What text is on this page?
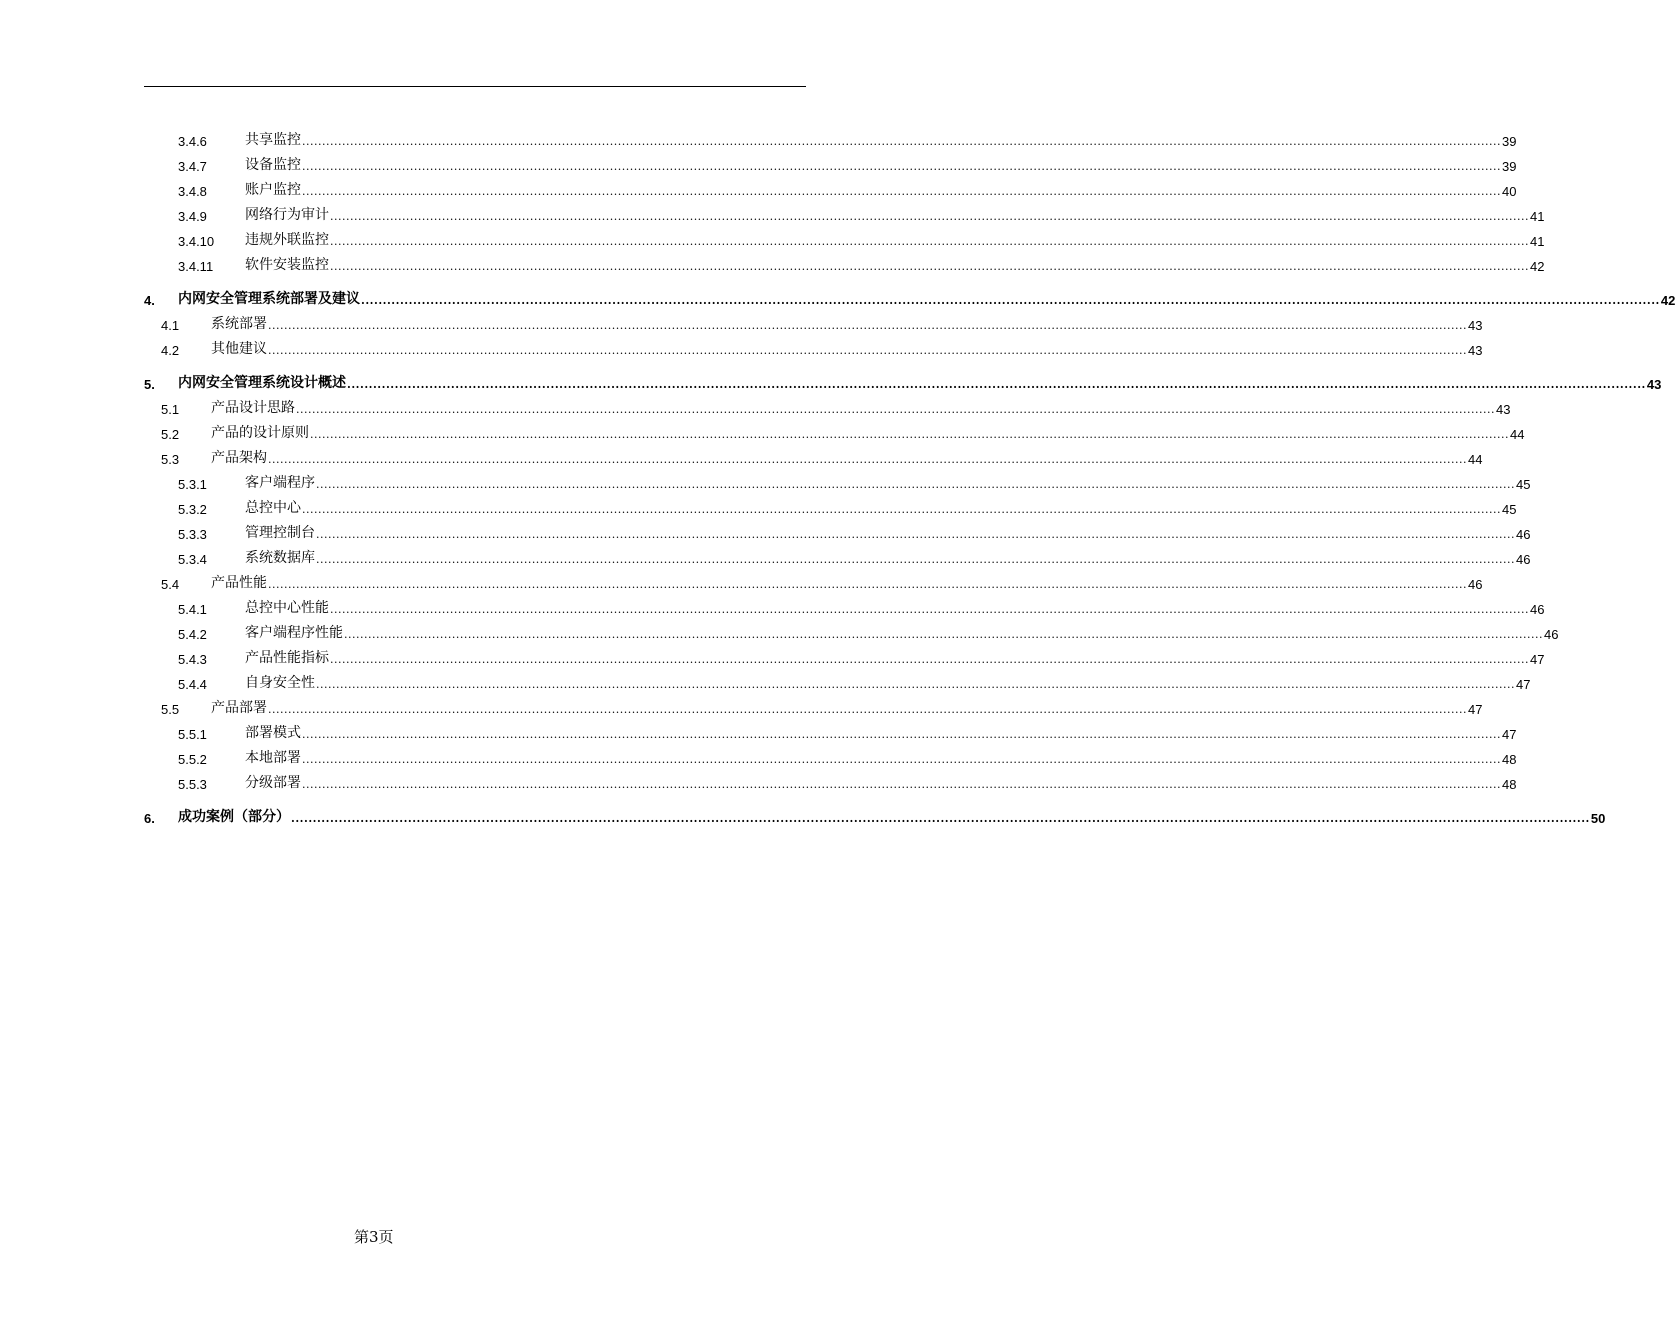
3.4.6	共享监控 ............................................................................................................................................................................................................................................................................................................ 39
3.4.7	设备监控 ............................................................................................................................................................................................................................................................................................................ 39
3.4.8	账户监控 ............................................................................................................................................................................................................................................................................................................ 40
3.4.9	网络行为审计 ............................................................................................................................................................................................................................................................................................................ 41
3.4.10	违规外联监控 ............................................................................................................................................................................................................................................................................................................ 41
3.4.11	软件安装监控 ............................................................................................................................................................................................................................................................................................................ 42
4.	内网安全管理系统部署及建议 ............................................................................................................................................................................................................................................................................................................ 42
4.1	系统部署 ............................................................................................................................................................................................................................................................................................................ 43
4.2	其他建议 ............................................................................................................................................................................................................................................................................................................ 43
5.	内网安全管理系统设计概述 ............................................................................................................................................................................................................................................................................................................ 43
5.1	产品设计思路 ............................................................................................................................................................................................................................................................................................................ 43
5.2	产品的设计原则 ............................................................................................................................................................................................................................................................................................................ 44
5.3	产品架构 ............................................................................................................................................................................................................................................................................................................ 44
5.3.1	客户端程序 ............................................................................................................................................................................................................................................................................................................ 45
5.3.2	总控中心 ............................................................................................................................................................................................................................................................................................................ 45
5.3.3	管理控制台 ............................................................................................................................................................................................................................................................................................................ 46
5.3.4	系统数据库 ............................................................................................................................................................................................................................................................................................................ 46
5.4	产品性能 ............................................................................................................................................................................................................................................................................................................ 46
5.4.1	总控中心性能 ............................................................................................................................................................................................................................................................................................................ 46
5.4.2	客户端程序性能 ............................................................................................................................................................................................................................................................................................................ 46
5.4.3	产品性能指标 ............................................................................................................................................................................................................................................................................................................ 47
5.4.4	自身安全性 ............................................................................................................................................................................................................................................................................................................ 47
5.5	产品部署 ............................................................................................................................................................................................................................................................................................................ 47
5.5.1	部署模式 ............................................................................................................................................................................................................................................................................................................ 47
5.5.2	本地部署 ............................................................................................................................................................................................................................................................................................................ 48
5.5.3	分级部署 ............................................................................................................................................................................................................................................................................................................ 48
6.	成功案例（部分） ............................................................................................................................................................................................................................................................................................................ 50
第3页
